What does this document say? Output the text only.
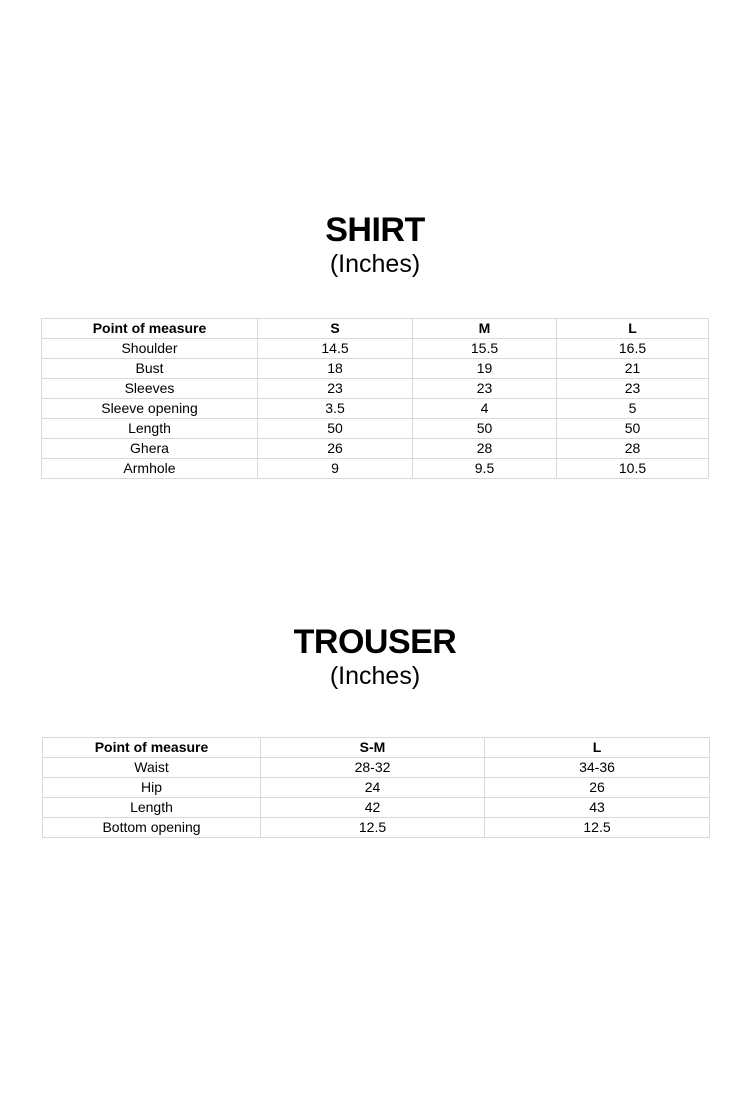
SHIRT
(Inches)
Point of measure	S	M	L
Shoulder	14.5	15.5	16.5
Bust	18	19	21
Sleeves	23	23	23
Sleeve opening	3.5	4	5
Length	50	50	50
Ghera	26	28	28
Armhole	9	9.5	10.5
TROUSER
(Inches)
Point of measure	S-M	L
Waist	28-32	34-36
Hip	24	26
Length	42	43
Bottom opening	12.5	12.5
